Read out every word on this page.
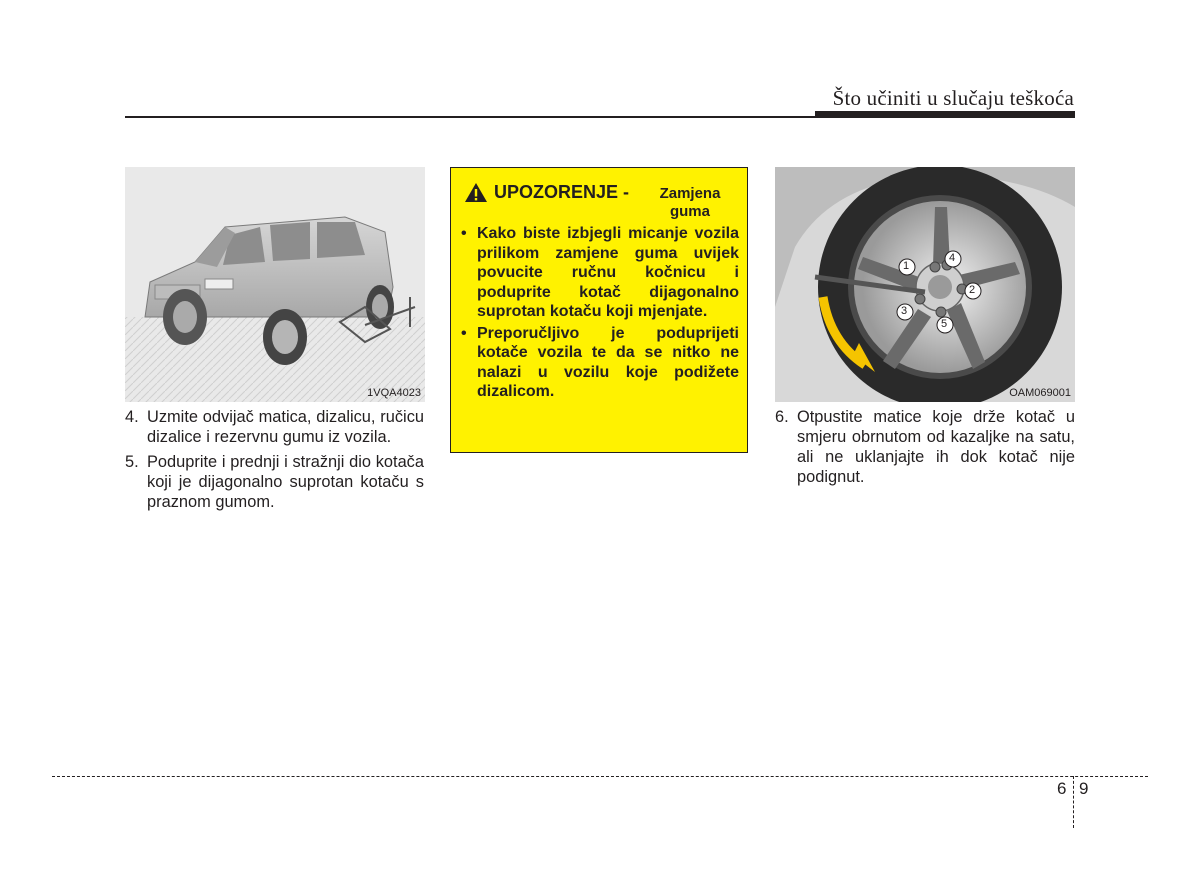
Što učiniti u slučaju teškoća
1VQA4023
4. Uzmite odvijač matica, dizalicu, ručicu dizalice i rezervnu gumu iz vozila.
5. Poduprite i prednji i stražnji dio kotača koji je dijagonalno suprotan kotaču s praznom gumom.
UPOZORENJE -	Zamjena guma
• Kako biste izbjegli micanje vozila prilikom zamjene guma uvijek povucite ručnu kočnicu i poduprite kotač dijagonalno suprotan kotaču koji mjenjate.
• Preporučljivo je poduprijeti kotače vozila te da se nitko ne nalazi u vozilu koje podižete dizalicom.
1
2
3
4
5
OAM069001
6. Otpustite matice koje drže kotač u smjeru obrnutom od kazaljke na satu, ali ne uklanjajte ih dok kotač nije podignut.
6 9
